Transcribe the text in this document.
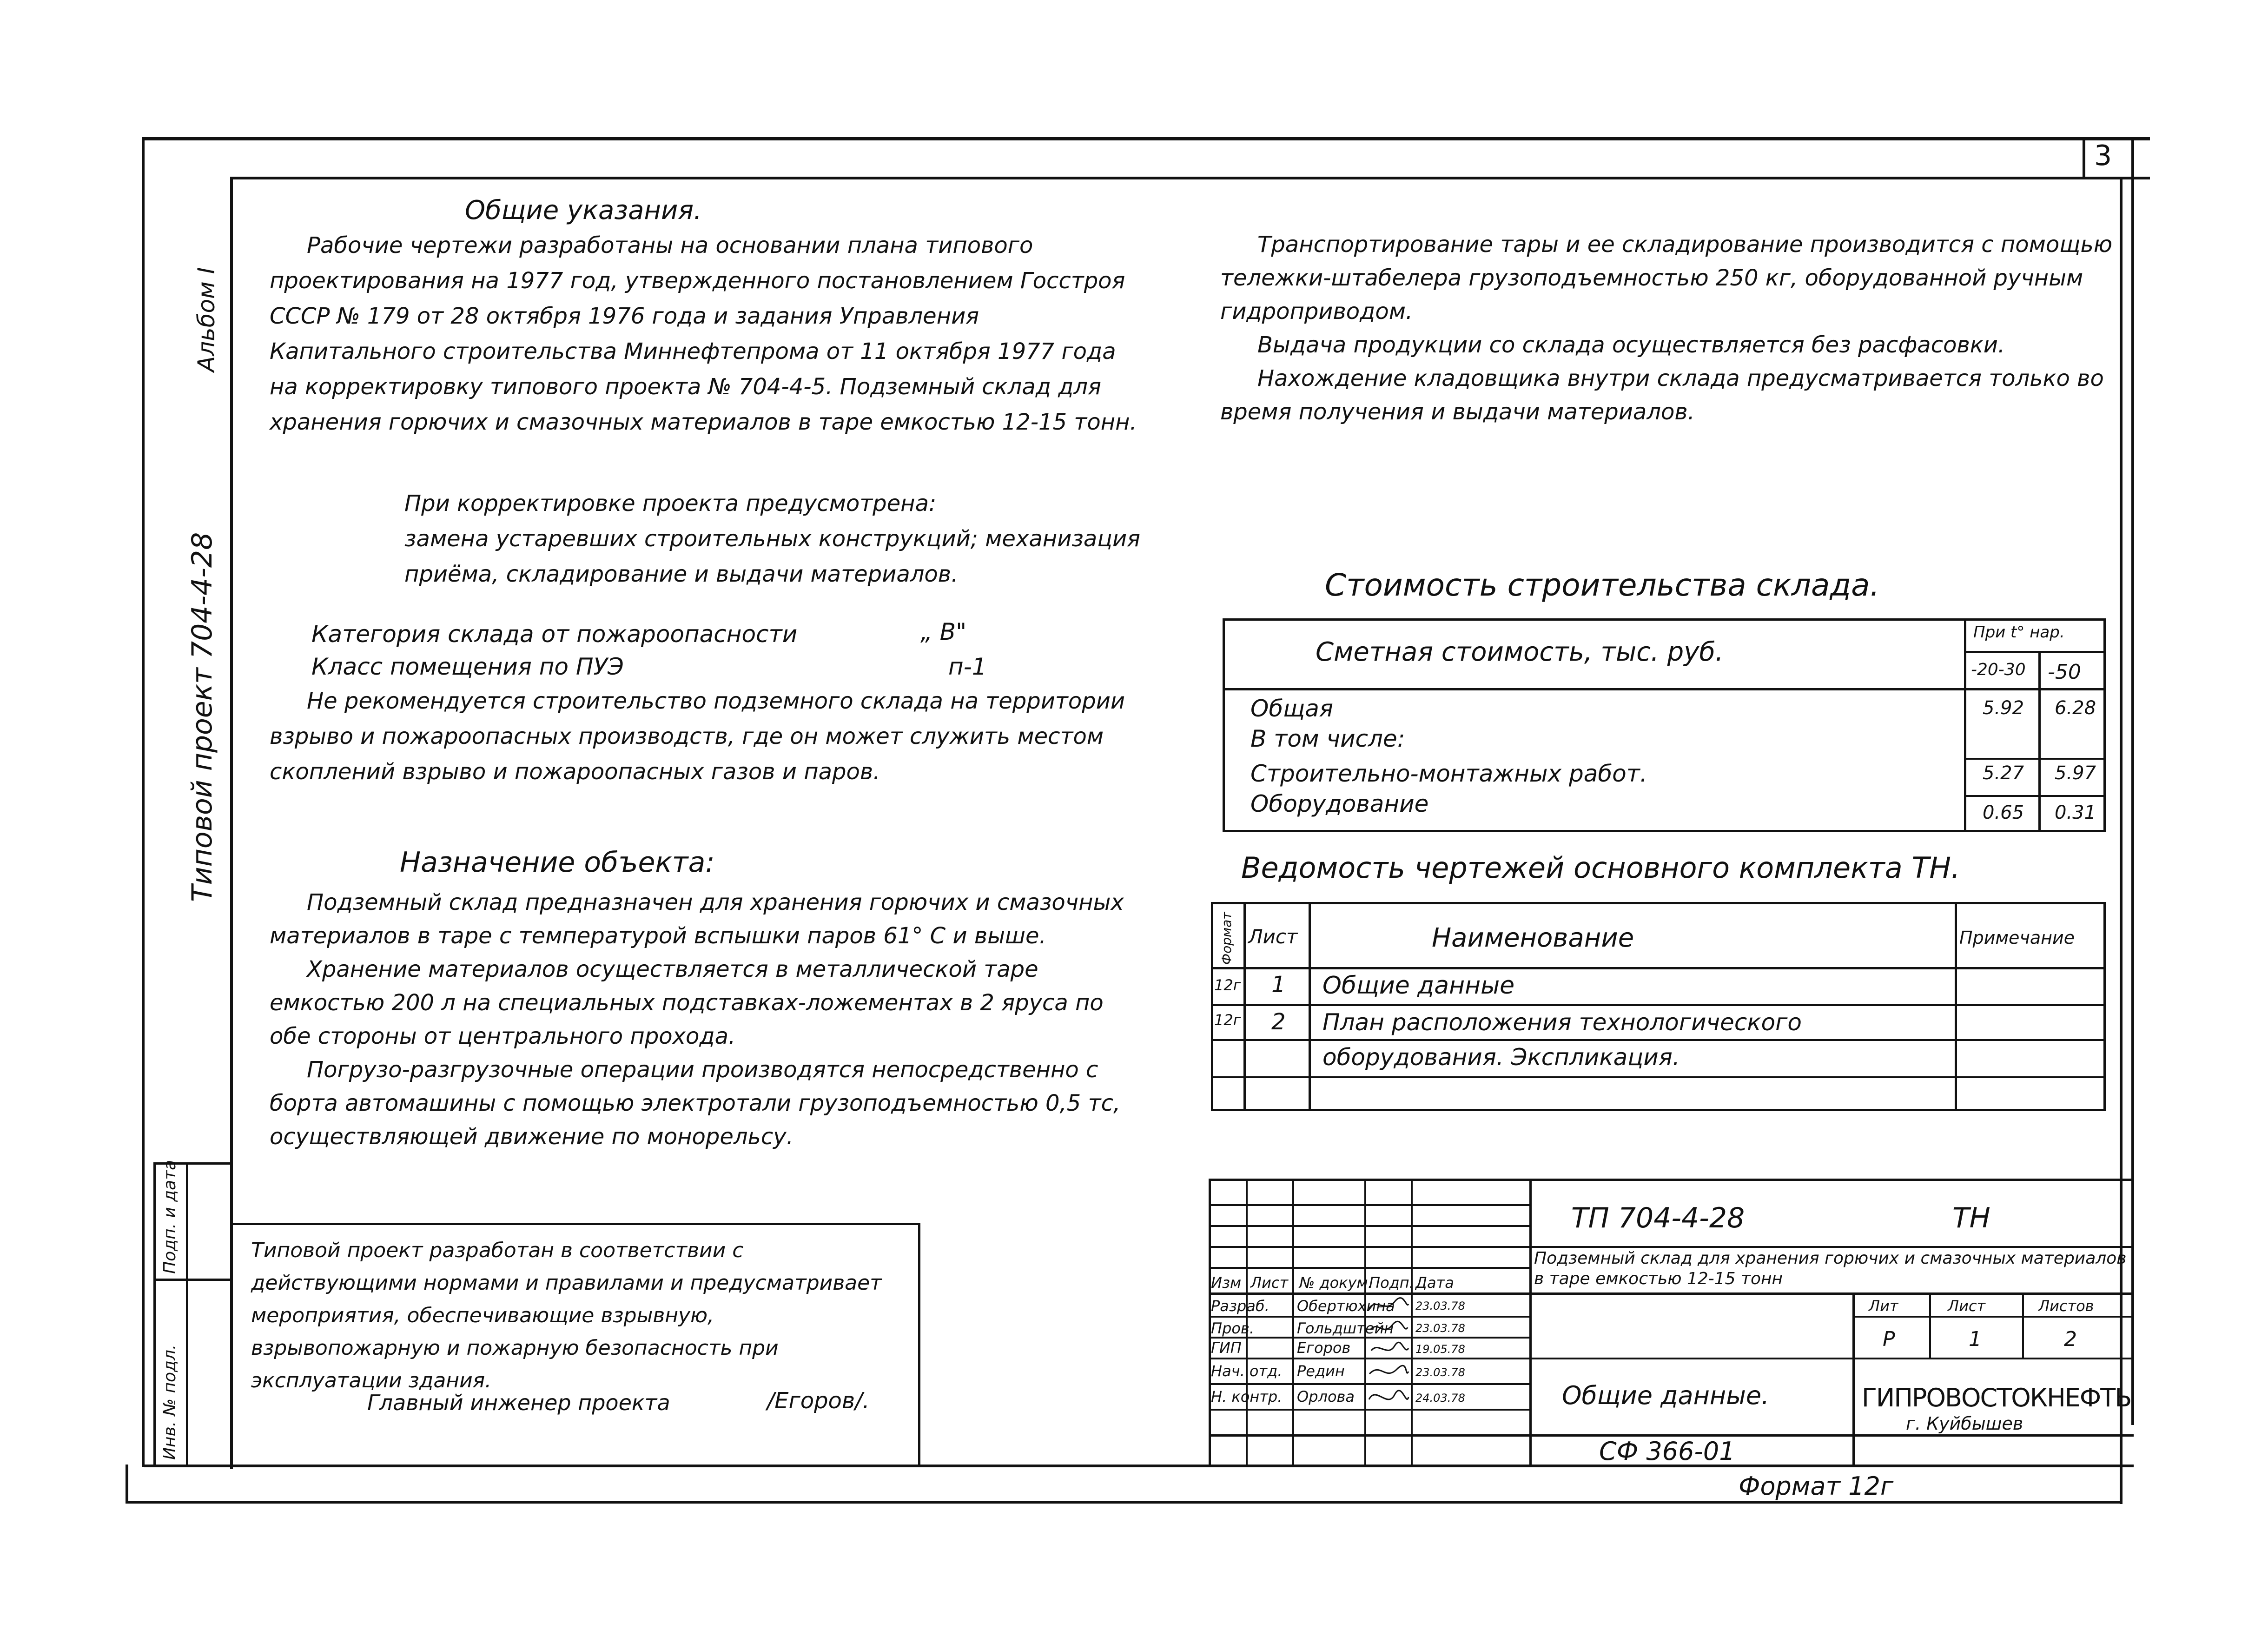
3
Альбом I
Типовой проект 704-4-28
Инв. № подл.
Подп. и дата
Общие указания.

Рабочие чертежи разработаны на основании плана типового проектирования на 1977 год, утвержденного постановлением Госстроя СССР № 179 от 28 октября 1976 года и задания Управления Капитального строительства Миннефтепрома от 11 октября 1977 года на корректировку типового проекта № 704-4-5. Подземный склад для хранения горючих и смазочных материалов в таре емкостью 12-15 тонн.

При корректировке проекта предусмотрена:

замена устаревших строительных конструкций; механизация приёма, складирование и выдачи материалов.

Категория склада от пожароопасности	„ В"
Класс помещения по ПУЭ	п-1

Не рекомендуется строительство подземного склада на территории взрыво и пожароопасных производств, где он может служить местом скоплений взрыво и пожароопасных газов и паров.

Назначение объекта:

Подземный склад предназначен для хранения горючих и смазочных материалов в таре с температурой вспышки паров 61° С и выше.

Хранение материалов осуществляется в металлической таре емкостью 200 л на специальных подставках-ложементах в 2 яруса по обе стороны от центрального прохода.

Погрузо-разгрузочные операции производятся непосредственно с борта автомашины с помощью электротали грузоподъемностью 0,5 тс, осуществляющей движение по монорельсу.

Транспортирование тары и ее складирование производится с помощью тележки-штабелера грузоподъемностью 250 кг, оборудованной ручным гидроприводом.

Выдача продукции со склада осуществляется без расфасовки.

Нахождение кладовщика внутри склада предусматривается только во время получения и выдачи материалов.

Стоимость строительства склада.
Сметная стоимость, тыс. руб.
При t° нар.
-20-30 -50
Общая	5.92 6.28
В том числе:
Строительно-монтажных работ.	5.27 5.97
Оборудование	0.65 0.31
Ведомость чертежей основного комплекта ТН.
Формат Лист	Наименование	Примечание
12г 1 Общие данные
12г 2 План расположения технологического
оборудования. Экспликация.

Типовой проект разработан в соответствии с действующими нормами и правилами и предусматривает мероприятия, обеспечивающие взрывную, взрывопожарную и пожарную безопасность при эксплуатации здания.

Главный инженер проекта	/Егоров/.
ТП 704-4-28	ТН
Подземный склад для хранения горючих и смазочных материалов в таре емкостью 12-15 тонн
Изм Лист № докум.
Подп. Дата
Разраб. Обертюхина 23.03.78
Пров.	Гольдштейн 23.03.78
ГИП	Егоров	19.05.78
Нач. отд. Редин	23.03.78
Н. контр. Орлова	24.03.78
Лит	Лист	Листов
Р	1	2
Общие данные.	ГИПРОВОСТОКНЕФТЬ
г. Куйбышев
СФ 366-01
Формат 12г
